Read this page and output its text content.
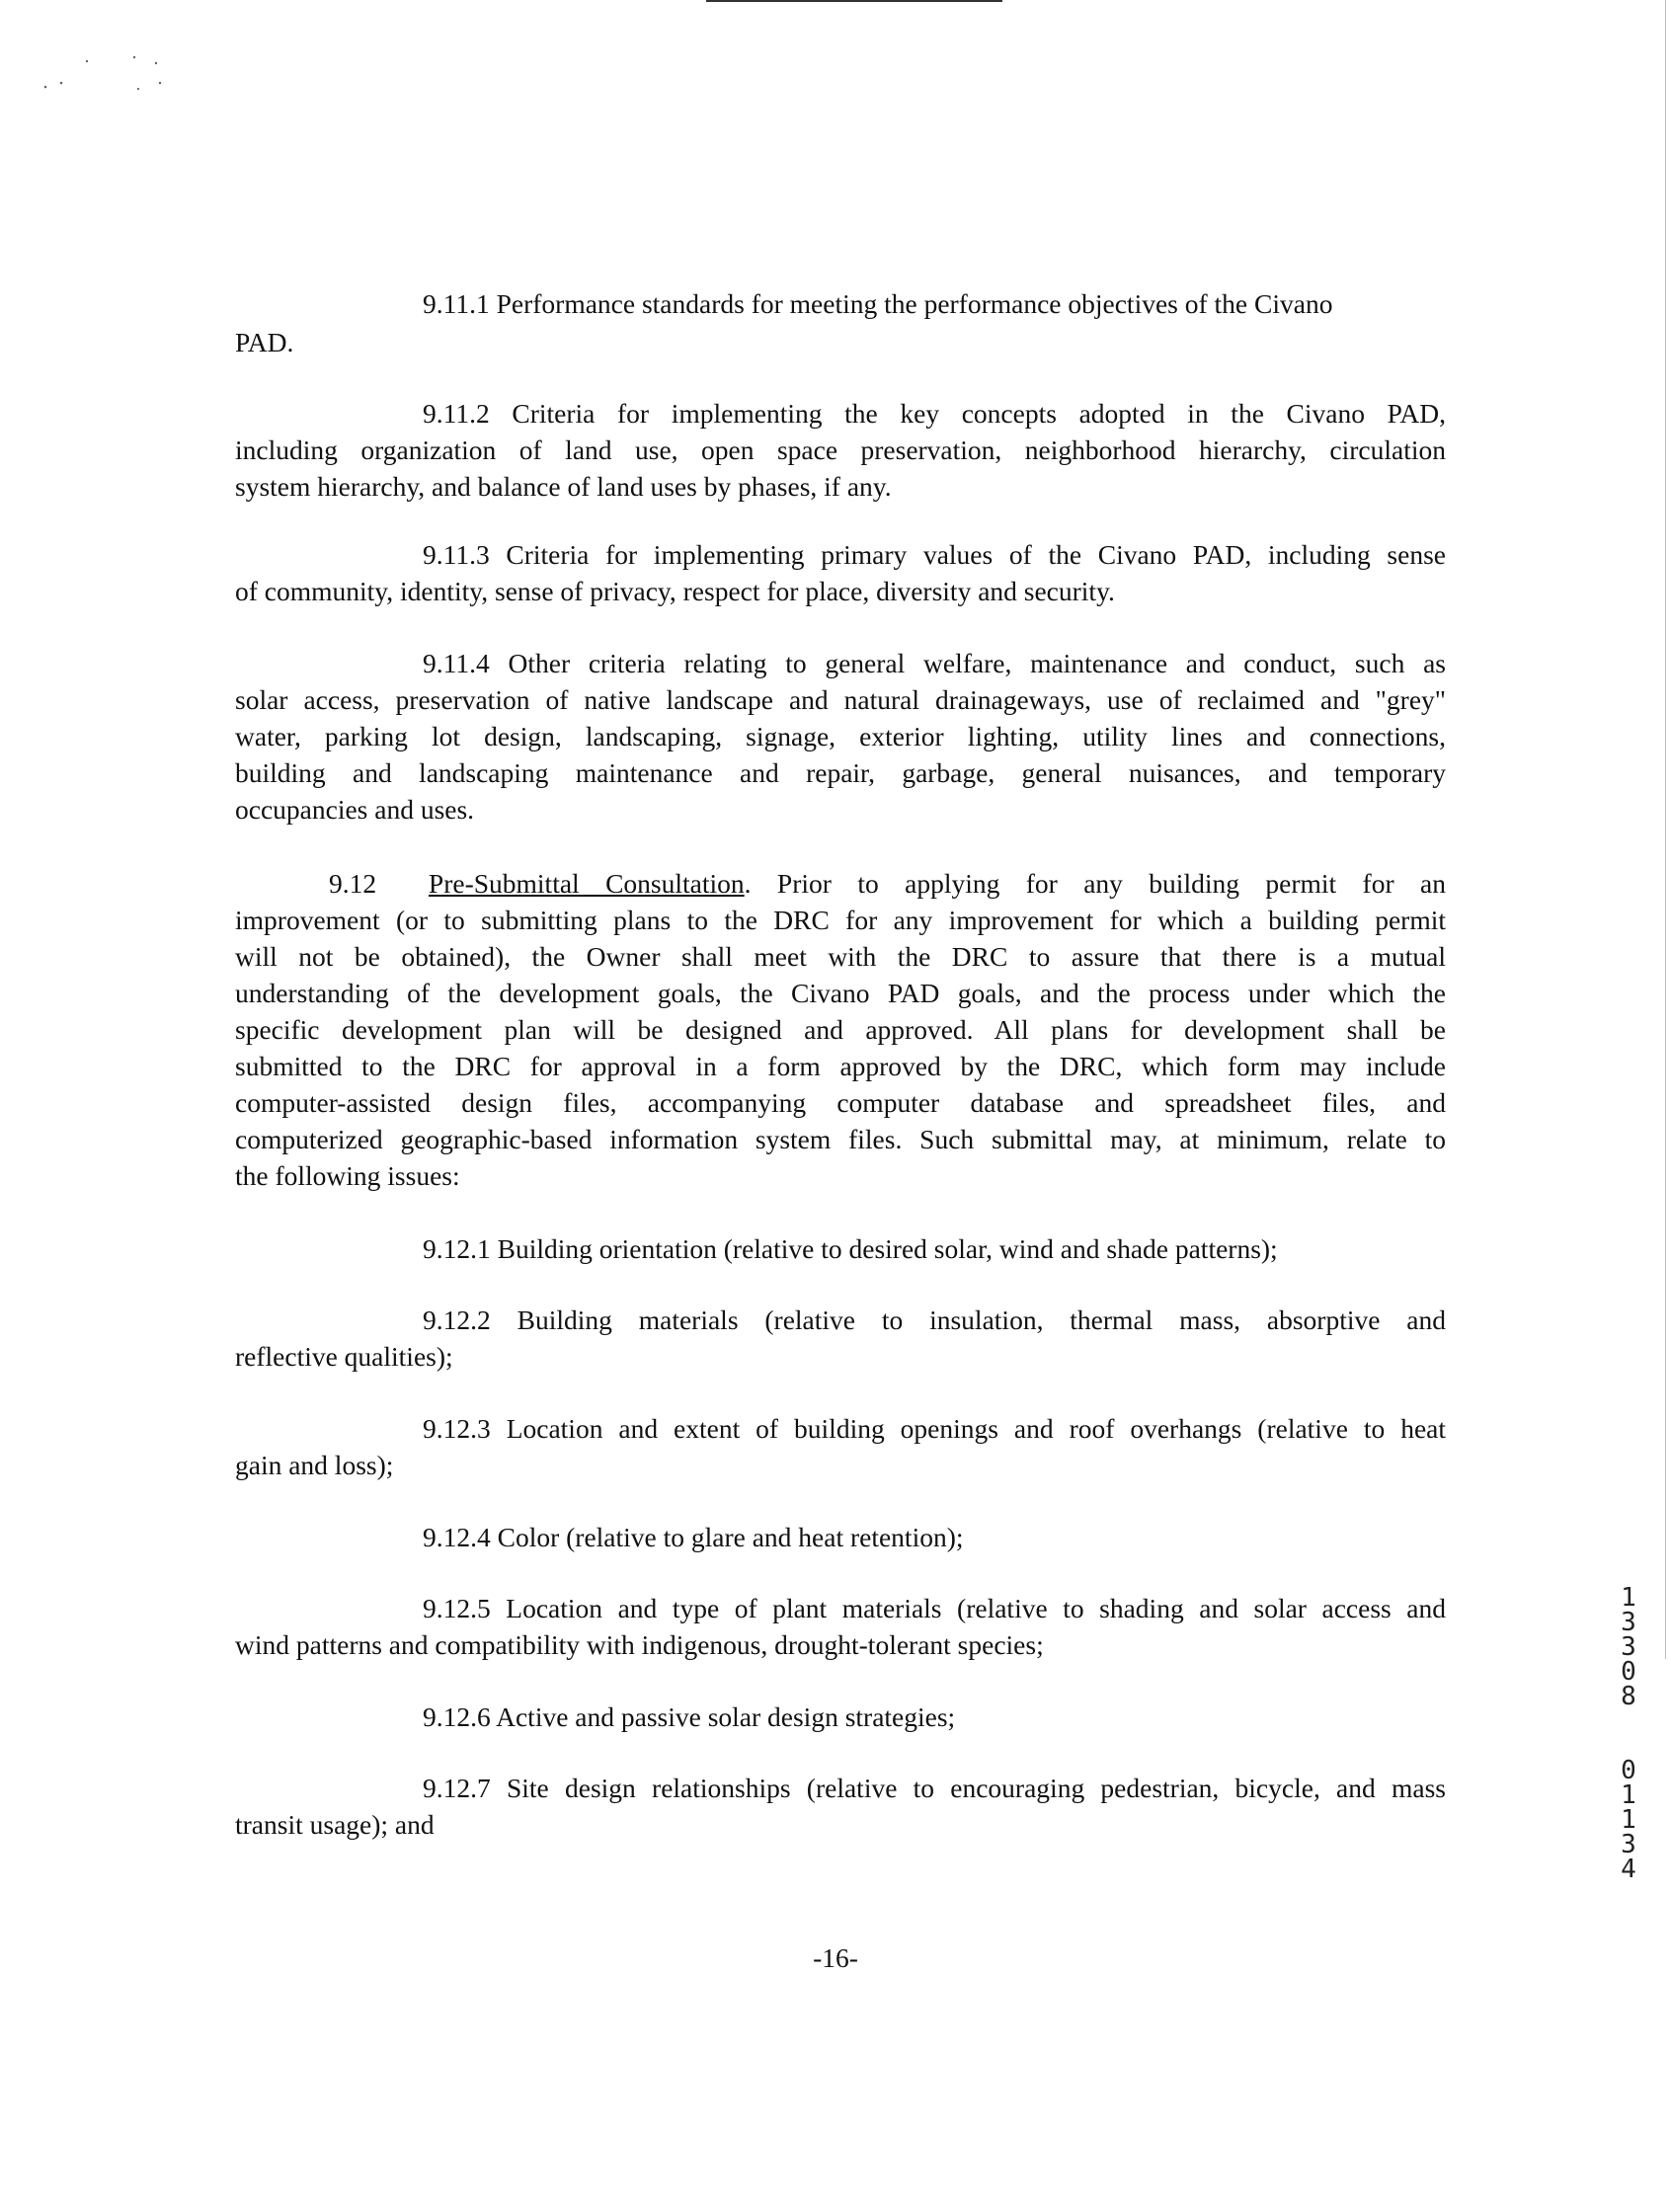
9.11.1 Performance standards for meeting the performance objectives of the Civano

PAD.

9.11.2 Criteria for implementing the key concepts adopted in the Civano PAD,
including organization of land use, open space preservation, neighborhood hierarchy, circulation
system hierarchy, and balance of land uses by phases, if any.
9.11.3 Criteria for implementing primary values of the Civano PAD, including sense
of community, identity, sense of privacy, respect for place, diversity and security.
9.11.4 Other criteria relating to general welfare, maintenance and conduct, such as
solar access, preservation of native landscape and natural drainageways, use of reclaimed and "grey"
water, parking lot design, landscaping, signage, exterior lighting, utility lines and connections,
building and landscaping maintenance and repair, garbage, general nuisances, and temporary
occupancies and uses.
9.12 Pre-Submittal Consultation. Prior to applying for any building permit for an
improvement (or to submitting plans to the DRC for any improvement for which a building permit
will not be obtained), the Owner shall meet with the DRC to assure that there is a mutual
understanding of the development goals, the Civano PAD goals, and the process under which the
specific development plan will be designed and approved. All plans for development shall be
submitted to the DRC for approval in a form approved by the DRC, which form may include
computer-assisted design files, accompanying computer database and spreadsheet files, and
computerized geographic-based information system files. Such submittal may, at minimum, relate to
the following issues:

9.12.1 Building orientation (relative to desired solar, wind and shade patterns);

9.12.2 Building materials (relative to insulation, thermal mass, absorptive and
reflective qualities);
9.12.3 Location and extent of building openings and roof overhangs (relative to heat
gain and loss);

9.12.4 Color (relative to glare and heat retention);

9.12.5 Location and type of plant materials (relative to shading and solar access and
wind patterns and compatibility with indigenous, drought-tolerant species;

9.12.6 Active and passive solar design strategies;

9.12.7 Site design relationships (relative to encouraging pedestrian, bicycle, and mass
transit usage); and

-16-

1
3
3
0
8

0
1
1
3
4
